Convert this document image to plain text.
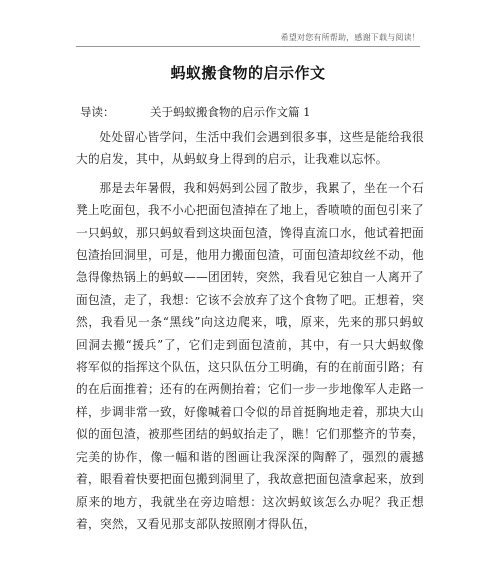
希望对您有所帮助，感谢下载与阅读！
蚂蚁搬食物的启示作文
导读：	关于蚂蚁搬食物的启示作文篇 1

处处留心皆学问，生活中我们会遇到很多事，这些是能给我很大的启发，其中，从蚂蚁身上得到的启示，让我难以忘怀。

那是去年暑假，我和妈妈到公园了散步，我累了，坐在一个石凳上吃面包，我不小心把面包渣掉在了地上，香喷喷的面包引来了一只蚂蚁，那只蚂蚁看到这块面包渣，馋得直流口水，他试着把面包渣抬回洞里，可是，他用力搬面包渣，可面包渣却纹丝不动，他急得像热锅上的蚂蚁——团团转，突然，我看见它独自一人离开了面包渣，走了，我想：它该不会放弃了这个食物了吧。正想着，突然，我看见一条“黑线”向这边爬来，哦，原来，先来的那只蚂蚁回洞去搬“援兵”了，它们走到面包渣前，其中，有一只大蚂蚁像将军似的指挥这个队伍，这只队伍分工明确，有的在前面引路；有的在后面推着；还有的在两侧抬着；它们一步一步地像军人走路一样，步调非常一致，好像喊着口令似的昂首挺胸地走着，那块大山似的面包渣，被那些团结的蚂蚁抬走了，瞧！它们那整齐的节奏，完美的协作，像一幅和谐的图画让我深深的陶醉了，强烈的震撼着，眼看着快要把面包搬到洞里了，我故意把面包渣拿起来，放到原来的地方，我就坐在旁边暗想：这次蚂蚁该怎么办呢？我正想着，突然，又看见那支部队按照刚才得队伍，
